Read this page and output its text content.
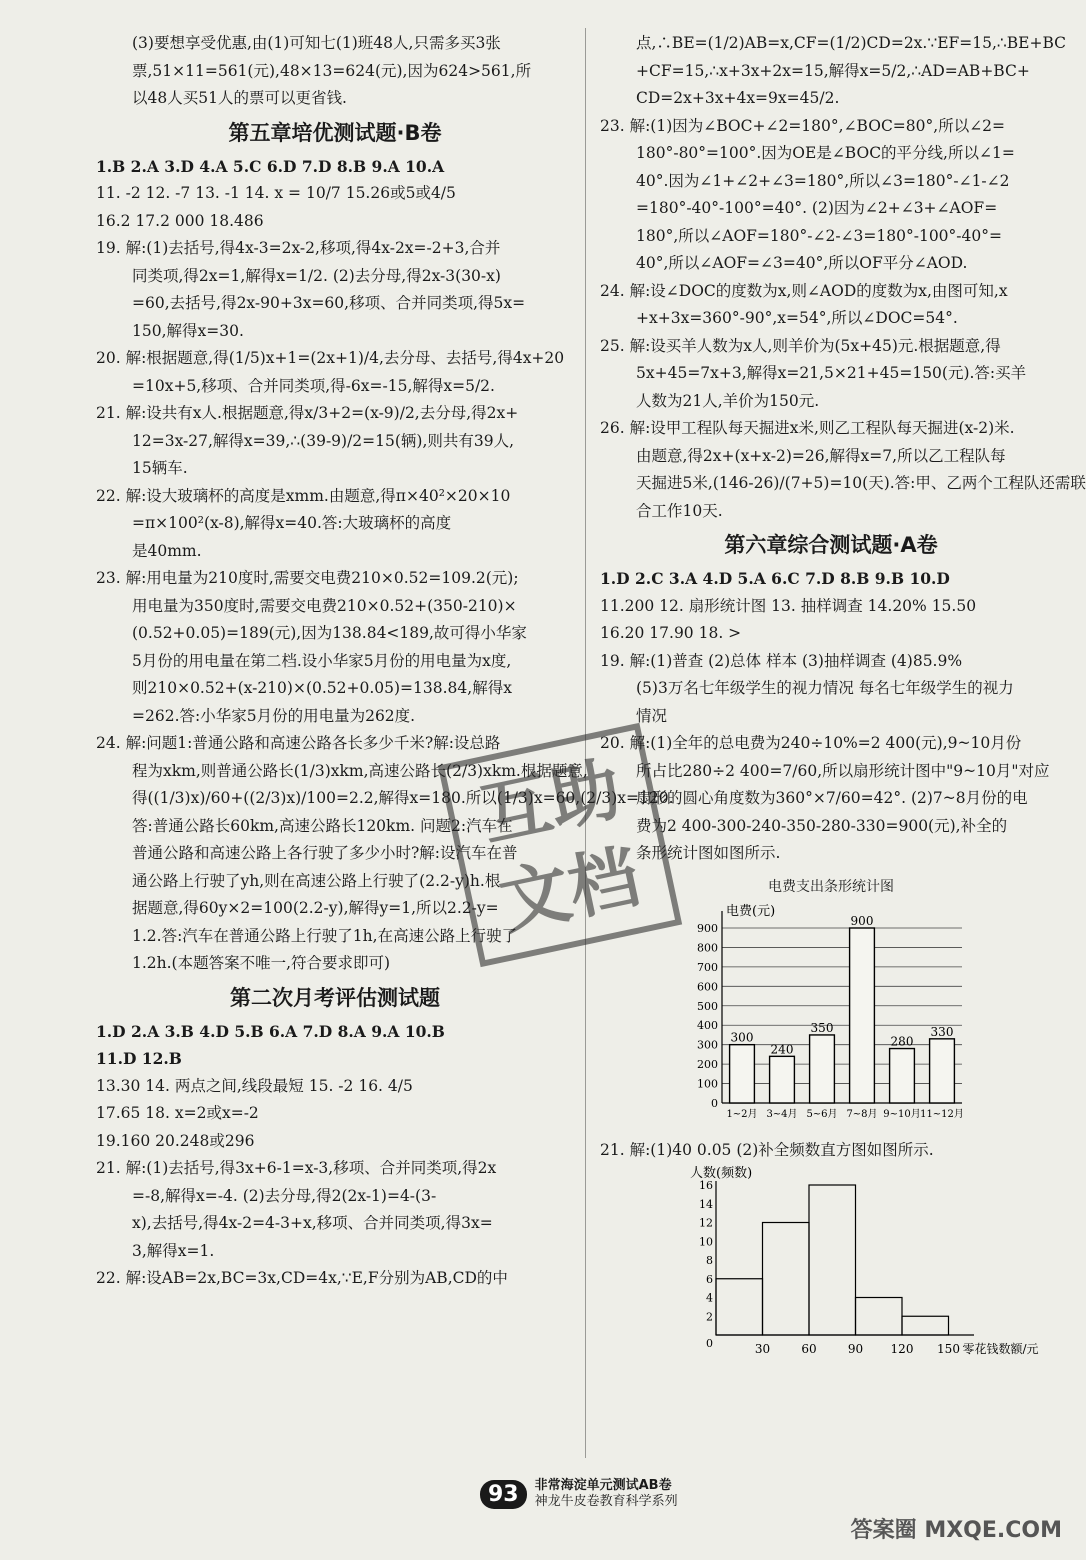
(3)要想享受优惠,由(1)可知七(1)班48人,只需多买3张
票,51×11=561(元),48×13=624(元),因为624>561,所
以48人买51人的票可以更省钱.
第五章培优测试题·B卷
1.B 2.A 3.D 4.A 5.C 6.D 7.D 8.B 9.A 10.A
11. -2 12. -7 13. -1 14. x = 10/7 15.26或5或4/5
16.2 17.2 000 18.486
19. 解:(1)去括号,得4x-3=2x-2,移项,得4x-2x=-2+3,合并
同类项,得2x=1,解得x=1/2. (2)去分母,得2x-3(30-x)
=60,去括号,得2x-90+3x=60,移项、合并同类项,得5x=
150,解得x=30.
20. 解:根据题意,得(1/5)x+1=(2x+1)/4,去分母、去括号,得4x+20
=10x+5,移项、合并同类项,得-6x=-15,解得x=5/2.
21. 解:设共有x人.根据题意,得x/3+2=(x-9)/2,去分母,得2x+
12=3x-27,解得x=39,∴(39-9)/2=15(辆),则共有39人,
15辆车.
22. 解:设大玻璃杯的高度是xmm.由题意,得π×40²×20×10
=π×100²(x-8),解得x=40.答:大玻璃杯的高度
是40mm.
23. 解:用电量为210度时,需要交电费210×0.52=109.2(元);
用电量为350度时,需要交电费210×0.52+(350-210)×
(0.52+0.05)=189(元),因为138.84<189,故可得小华家
5月份的用电量在第二档.设小华家5月份的用电量为x度,
则210×0.52+(x-210)×(0.52+0.05)=138.84,解得x
=262.答:小华家5月份的用电量为262度.
24. 解:问题1:普通公路和高速公路各长多少千米?解:设总路
程为xkm,则普通公路长(1/3)xkm,高速公路长(2/3)xkm.根据题意,
得((1/3)x)/60+((2/3)x)/100=2.2,解得x=180.所以(1/3)x=60,(2/3)x=120.
答:普通公路长60km,高速公路长120km. 问题2:汽车在
普通公路和高速公路上各行驶了多少小时?解:设汽车在普
通公路上行驶了yh,则在高速公路上行驶了(2.2-y)h.根
据题意,得60y×2=100(2.2-y),解得y=1,所以2.2-y=
1.2.答:汽车在普通公路上行驶了1h,在高速公路上行驶了
1.2h.(本题答案不唯一,符合要求即可)
第二次月考评估测试题
1.D 2.A 3.B 4.D 5.B 6.A 7.D 8.A 9.A 10.B
11.D 12.B
13.30 14. 两点之间,线段最短 15. -2 16. 4/5
17.65 18. x=2或x=-2
19.160 20.248或296
21. 解:(1)去括号,得3x+6-1=x-3,移项、合并同类项,得2x
=-8,解得x=-4. (2)去分母,得2(2x-1)=4-(3-
x),去括号,得4x-2=4-3+x,移项、合并同类项,得3x=
3,解得x=1.
22. 解:设AB=2x,BC=3x,CD=4x,∵E,F分别为AB,CD的中
点,∴BE=(1/2)AB=x,CF=(1/2)CD=2x.∵EF=15,∴BE+BC
+CF=15,∴x+3x+2x=15,解得x=5/2,∴AD=AB+BC+
CD=2x+3x+4x=9x=45/2.
23. 解:(1)因为∠BOC+∠2=180°,∠BOC=80°,所以∠2=
180°-80°=100°.因为OE是∠BOC的平分线,所以∠1=
40°.因为∠1+∠2+∠3=180°,所以∠3=180°-∠1-∠2
=180°-40°-100°=40°. (2)因为∠2+∠3+∠AOF=
180°,所以∠AOF=180°-∠2-∠3=180°-100°-40°=
40°,所以∠AOF=∠3=40°,所以OF平分∠AOD.
24. 解:设∠DOC的度数为x,则∠AOD的度数为x,由图可知,x
+x+3x=360°-90°,x=54°,所以∠DOC=54°.
25. 解:设买羊人数为x人,则羊价为(5x+45)元.根据题意,得
5x+45=7x+3,解得x=21,5×21+45=150(元).答:买羊
人数为21人,羊价为150元.
26. 解:设甲工程队每天掘进x米,则乙工程队每天掘进(x-2)米.
由题意,得2x+(x+x-2)=26,解得x=7,所以乙工程队每
天掘进5米,(146-26)/(7+5)=10(天).答:甲、乙两个工程队还需联
合工作10天.
第六章综合测试题·A卷
1.D 2.C 3.A 4.D 5.A 6.C 7.D 8.B 9.B 10.D
11.200 12. 扇形统计图 13. 抽样调查 14.20% 15.50
16.20 17.90 18. >
19. 解:(1)普查 (2)总体 样本 (3)抽样调查 (4)85.9%
(5)3万名七年级学生的视力情况 每名七年级学生的视力
情况
20. 解:(1)全年的总电费为240÷10%=2 400(元),9~10月份
所占比280÷2 400=7/60,所以扇形统计图中"9~10月"对应
扇形的圆心角度数为360°×7/60=42°. (2)7~8月份的电
费为2 400-300-240-350-280-330=900(元),补全的
条形统计图如图所示.
电费支出条形统计图
0
100
200
300
400
500
600
700
800
900
电费(元)
300
1~2月
240
3~4月
350
5~6月
900
7~8月
280
9~10月
330
11~12月
21. 解:(1)40 0.05 (2)补全频数直方图如图所示.
人数(频数)
2
4
6
8
10
12
14
16
0	30	60	90 120 150 零花钱数额/元
互助
文档
93	非常海淀单元测试AB卷
神龙牛皮卷教育科学系列
答案圈 MXQE.COM
